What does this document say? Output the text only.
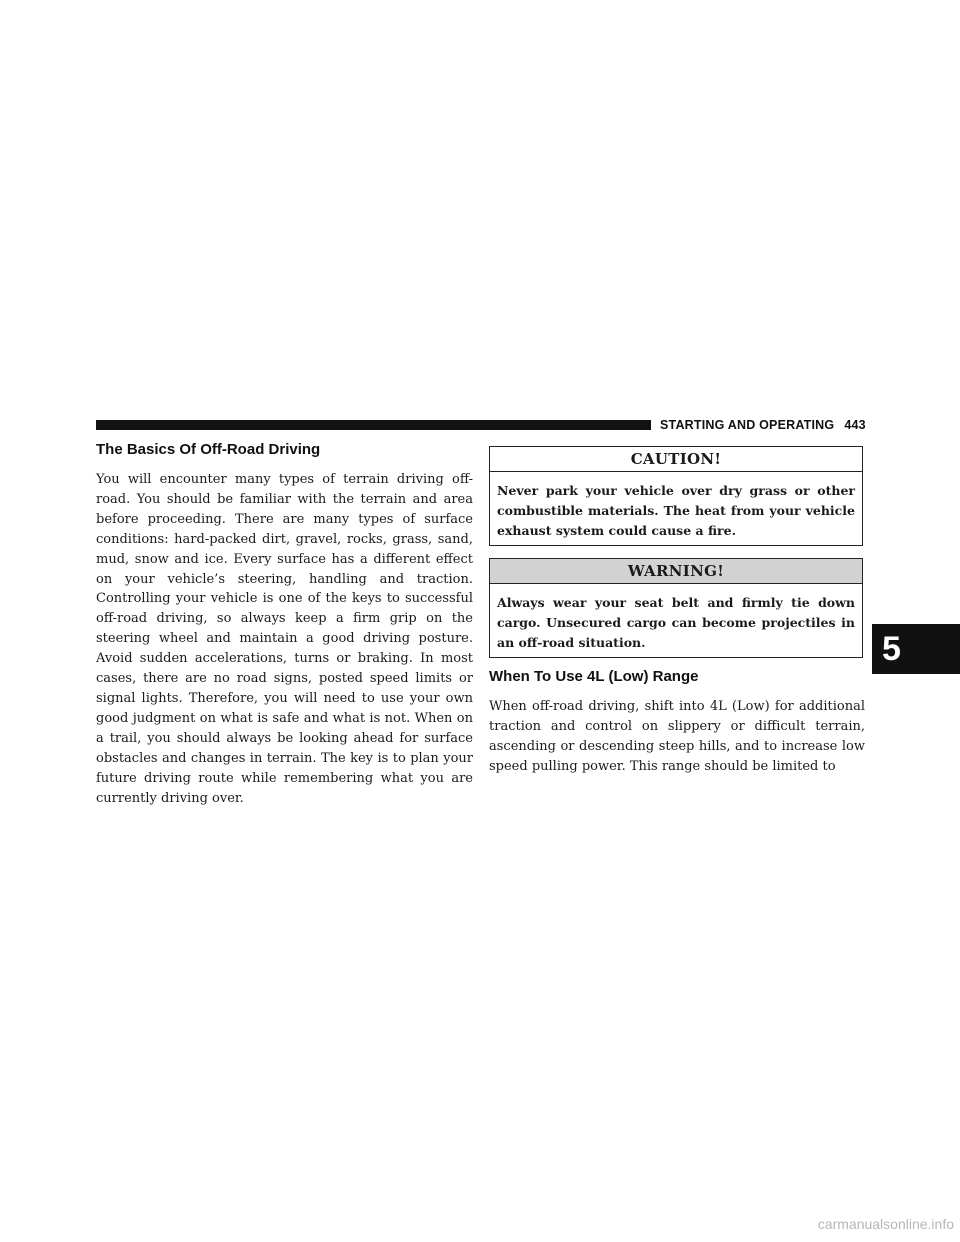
STARTING AND OPERATING 443
The Basics Of Off-Road Driving

You will encounter many types of terrain driving off-road. You should be familiar with the terrain and area before proceeding. There are many types of surface conditions: hard-packed dirt, gravel, rocks, grass, sand, mud, snow and ice. Every surface has a different effect on your vehicle’s steering, handling and traction. Controlling your vehicle is one of the keys to successful off-road driving, so always keep a firm grip on the steering wheel and maintain a good driving posture. Avoid sudden accelerations, turns or braking. In most cases, there are no road signs, posted speed limits or signal lights. Therefore, you will need to use your own good judgment on what is safe and what is not. When on a trail, you should always be looking ahead for surface obstacles and changes in terrain. The key is to plan your future driving route while remembering what you are currently driving over.

CAUTION!
Never park your vehicle over dry grass or other combustible materials. The heat from your vehicle exhaust system could cause a fire.
WARNING!
Always wear your seat belt and firmly tie down cargo. Unsecured cargo can become projectiles in an off-road situation.
When To Use 4L (Low) Range

When off-road driving, shift into 4L (Low) for additional traction and control on slippery or difficult terrain, ascending or descending steep hills, and to increase low speed pulling power. This range should be limited to

5
carmanualsonline.info
